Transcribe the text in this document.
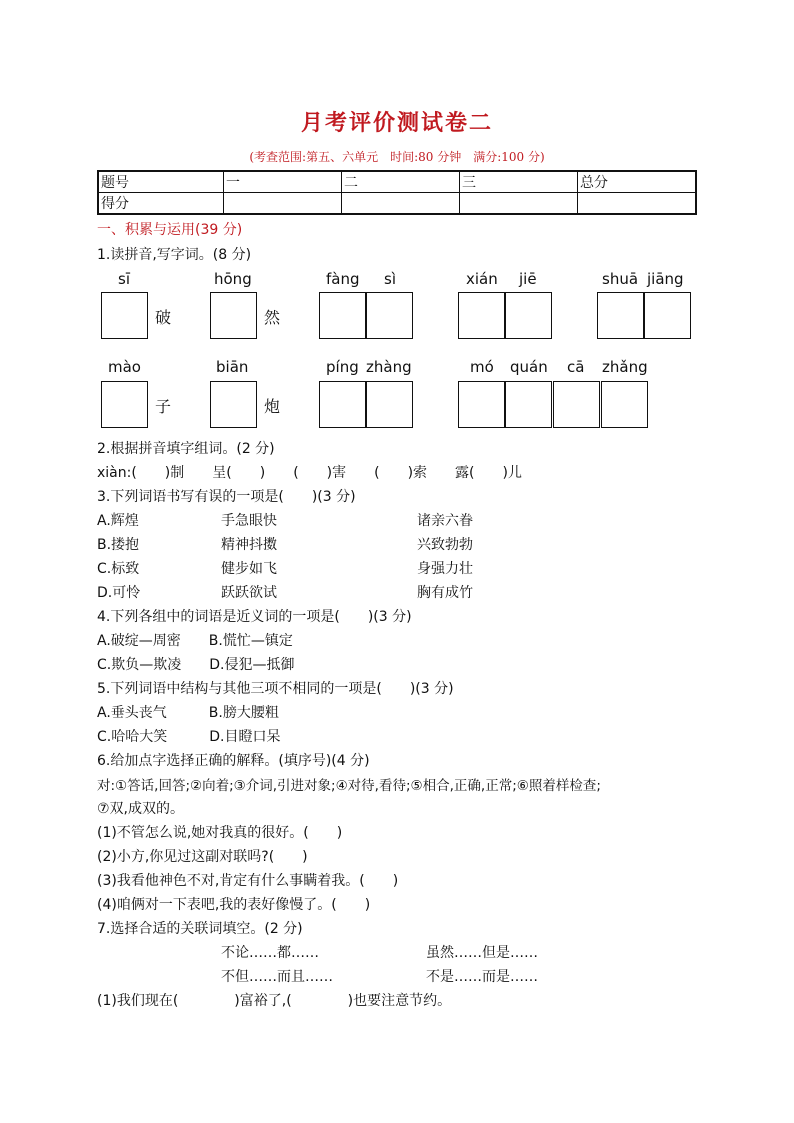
月考评价测试卷二
(考查范围:第五、六单元　时间:80 分钟　满分:100 分)
题号	一	二	三	总分
得分				
一、积累与运用(39 分)
1.读拼音,写字词。(8 分)
sī
破
hōng
然
fàng sì	xián jiē	shuā jiāng
mào
子
biān
炮
píng zhàng	mó quán cā zhǎng
2.根据拼音填字组词。(2 分)
xiàn:(　　)制　　呈(　　)　　(　　)害　　(　　)索　　露(　　)儿
3.下列词语书写有误的一项是(　　)(3 分)
A.辉煌	手急眼快	诸亲六眷
B.搂抱	精神抖擞	兴致勃勃
C.标致	健步如飞	身强力壮
D.可怜	跃跃欲试	胸有成竹
4.下列各组中的词语是近义词的一项是(　　)(3 分)
A.破绽—周密　　B.慌忙—镇定
C.欺负—欺凌　　D.侵犯—抵御
5.下列词语中结构与其他三项不相同的一项是(　　)(3 分)
A.垂头丧气　　　B.膀大腰粗
C.哈哈大笑　　　D.目瞪口呆
6.给加点字选择正确的解释。(填序号)(4 分)
对:①答话,回答;②向着;③介词,引进对象;④对待,看待;⑤相合,正确,正常;⑥照着样检查;
⑦双,成双的。
(1)不管怎么说,她对我真的很好。(　　)
(2)小方,你见过这副对联吗?(　　)
(3)我看他神色不对,肯定有什么事瞒着我。(　　)
(4)咱俩对一下表吧,我的表好像慢了。(　　)
7.选择合适的关联词填空。(2 分)
不论……都……	虽然……但是……
不但……而且……	不是……而是……
(1)我们现在(　　　　)富裕了,(　　　　)也要注意节约。
